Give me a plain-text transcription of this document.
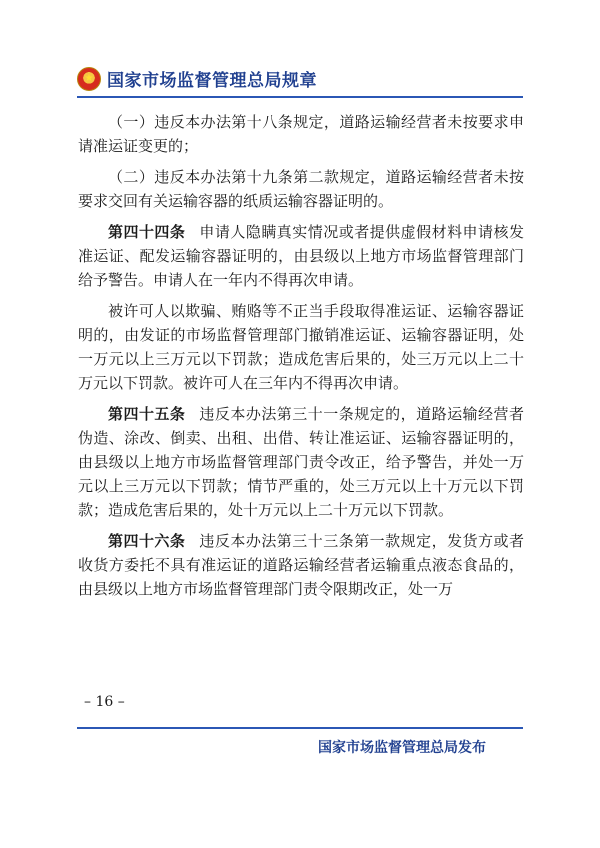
★
国家市场监督管理总局规章

（一）违反本办法第十八条规定，道路运输经营者未按要求申请准运证变更的；

（二）违反本办法第十九条第二款规定，道路运输经营者未按要求交回有关运输容器的纸质运输容器证明的。

第四十四条 申请人隐瞒真实情况或者提供虚假材料申请核发准运证、配发运输容器证明的，由县级以上地方市场监督管理部门给予警告。申请人在一年内不得再次申请。

被许可人以欺骗、贿赂等不正当手段取得准运证、运输容器证明的，由发证的市场监督管理部门撤销准运证、运输容器证明，处一万元以上三万元以下罚款；造成危害后果的，处三万元以上二十万元以下罚款。被许可人在三年内不得再次申请。

第四十五条 违反本办法第三十一条规定的，道路运输经营者伪造、涂改、倒卖、出租、出借、转让准运证、运输容器证明的，由县级以上地方市场监督管理部门责令改正，给予警告，并处一万元以上三万元以下罚款；情节严重的，处三万元以上十万元以下罚款；造成危害后果的，处十万元以上二十万元以下罚款。

第四十六条 违反本办法第三十三条第一款规定，发货方或者收货方委托不具有准运证的道路运输经营者运输重点液态食品的，由县级以上地方市场监督管理部门责令限期改正，处一万

– 16 –
国家市场监督管理总局发布
